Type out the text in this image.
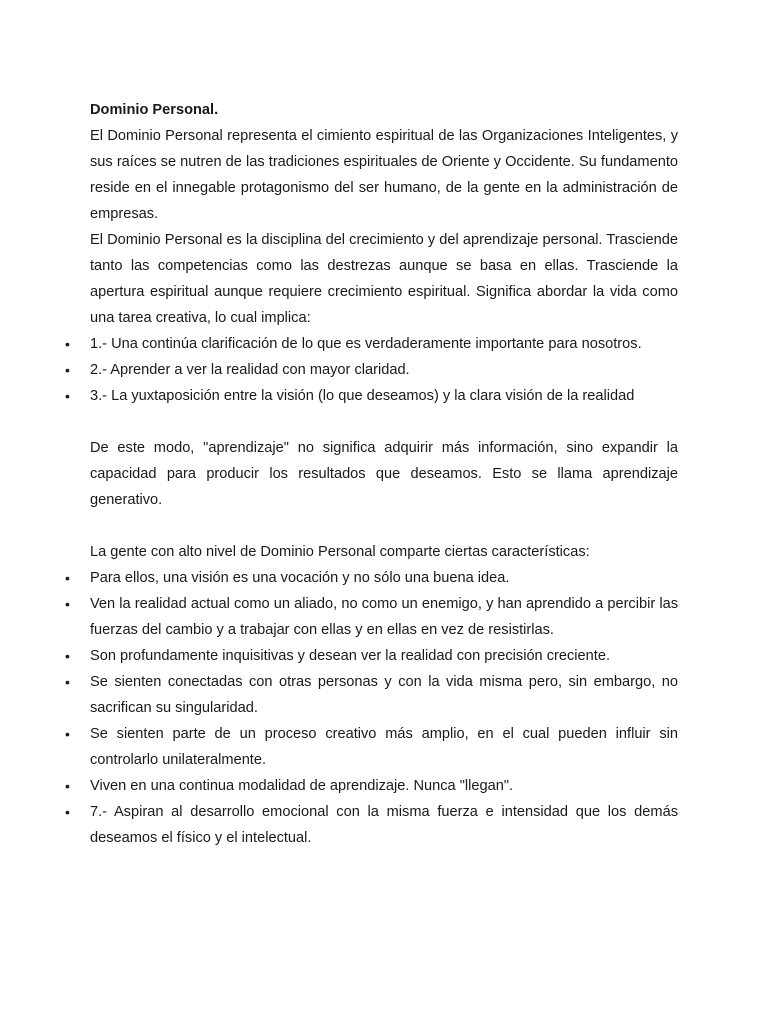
Dominio Personal.

El Dominio Personal representa el cimiento espiritual de las Organizaciones Inteligentes, y sus raíces se nutren de las tradiciones espirituales de Oriente y Occidente. Su fundamento reside en el innegable protagonismo del ser humano, de la gente en la administración de empresas.

El Dominio Personal es la disciplina del crecimiento y del aprendizaje personal. Trasciende tanto las competencias como las destrezas aunque se basa en ellas. Trasciende la apertura espiritual aunque requiere crecimiento espiritual. Significa abordar la vida como una tarea creativa, lo cual implica:

• 1.- Una continúa clarificación de lo que es verdaderamente importante para nosotros.
• 2.- Aprender a ver la realidad con mayor claridad.
• 3.- La yuxtaposición entre la visión (lo que deseamos) y la clara visión de la realidad

De este modo, "aprendizaje" no significa adquirir más información, sino expandir la capacidad para producir los resultados que deseamos. Esto se llama aprendizaje generativo.

La gente con alto nivel de Dominio Personal comparte ciertas características:

• Para ellos, una visión es una vocación y no sólo una buena idea.
• Ven la realidad actual como un aliado, no como un enemigo, y han aprendido a percibir las fuerzas del cambio y a trabajar con ellas y en ellas en vez de resistirlas.
• Son profundamente inquisitivas y desean ver la realidad con precisión creciente.
• Se sienten conectadas con otras personas y con la vida misma pero, sin embargo, no sacrifican su singularidad.
• Se sienten parte de un proceso creativo más amplio, en el cual pueden influir sin controlarlo unilateralmente.
• Viven en una continua modalidad de aprendizaje. Nunca "llegan".
• 7.- Aspiran al desarrollo emocional con la misma fuerza e intensidad que los demás deseamos el físico y el intelectual.
